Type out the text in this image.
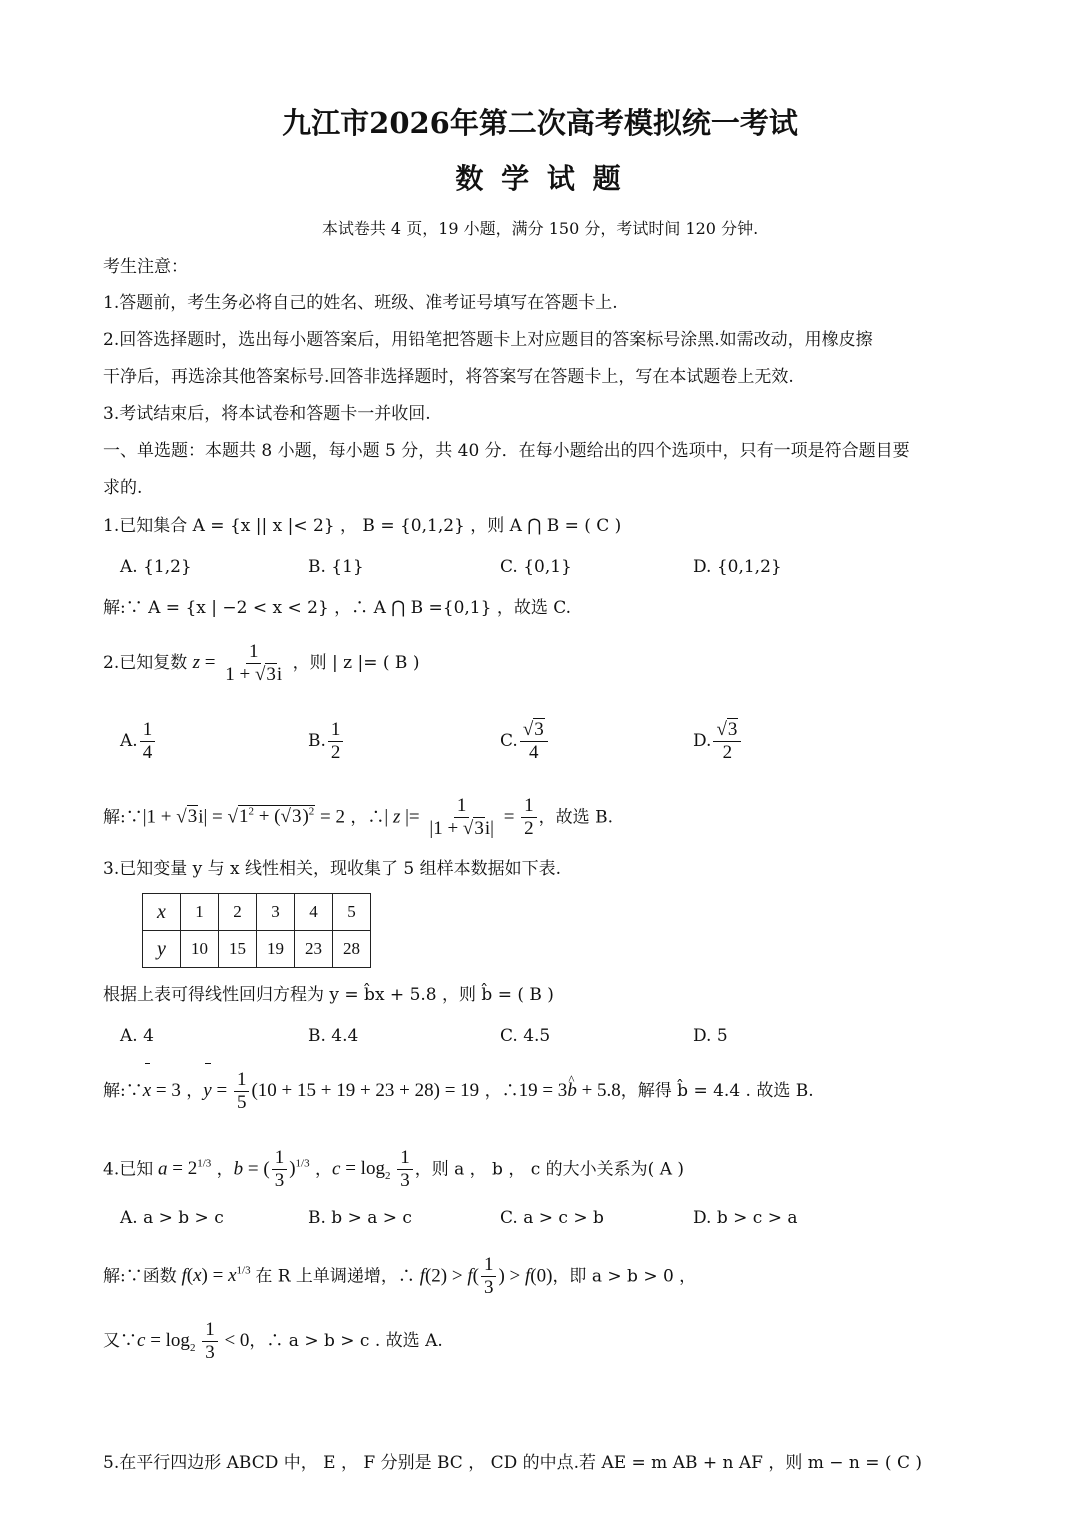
九江市2026年第二次高考模拟统一考试
数 学 试 题
本试卷共 4 页，19 小题，满分 150 分，考试时间 120 分钟.
考生注意：
1.答题前，考生务必将自己的姓名、班级、准考证号填写在答题卡上.
2.回答选择题时，选出每小题答案后，用铅笔把答题卡上对应题目的答案标号涂黑.如需改动，用橡皮擦
干净后，再选涂其他答案标号.回答非选择题时，将答案写在答题卡上，写在本试题卷上无效.
3.考试结束后，将本试卷和答题卡一并收回.
一、单选题：本题共 8 小题，每小题 5 分，共 40 分．在每小题给出的四个选项中，只有一项是符合题目要
求的.
1.已知集合 A = {x || x |< 2} ， B = {0,1,2} ，则 A ⋂ B = ( C )
A. {1,2}	B. {1}	C. {0,1}	D. {0,1,2}
解:∵ A = {x | −2 < x < 2} ，∴ A ⋂ B ={0,1} ，故选 C.
2.已知复数 $z = \frac{1}{1 + √3i}$ ，则 | z |= ( B )
A. $\frac{1}{4}$	B. $\frac{1}{2}$	C. $\frac{√3}{4}$	D. $\frac{√3}{2}$
解:∵|1 + $√3i| = √1^2 + (√3)^2 = 2$ ，∴| z |= $\frac{1}{|1 + √3i|} = \frac{1}{2}$ ，故选 B.
3.已知变量 y 与 x 线性相关，现收集了 5 组样本数据如下表.
x	1	2	3	4	5
y	10	15	19	23	28
根据上表可得线性回归方程为 y = b̂x + 5.8 ，则 b̂ = ( B )
A. 4	B. 4.4	C. 4.5	D. 5
解:∵x = 3 ，$y = \frac{1}{5} (10 + 15 + 19 + 23 + 28) = 19$ ，∴19 = 3^ b + 5.8，解得 b̂ = 4.4 . 故选 B.
4.已知 $a = 2^{1/3}$ ，b = ( $\frac{1}{3} )^{1/3}$ ，$c = \log_2 \frac{1}{3}$ ，则 a ， b ， c 的大小关系为( A )
A. a > b > c	B. b > a > c	C. a > c > b	D. b > c > a
解:∵函数 $f(x) = x^{1/3}$ 在 R 上单调递增，∴ $f(2) > f( \frac{1}{3}$ ) > f(0)，即 a > b > 0 ，
又∵c = $\log_2 \frac{1}{3} < 0$，∴ a > b > c . 故选 A.
5.在平行四边形 ABCD 中， E ， F 分别是 BC ， CD 的中点.若 AE = m AB + n AF ，则 m − n = ( C )
